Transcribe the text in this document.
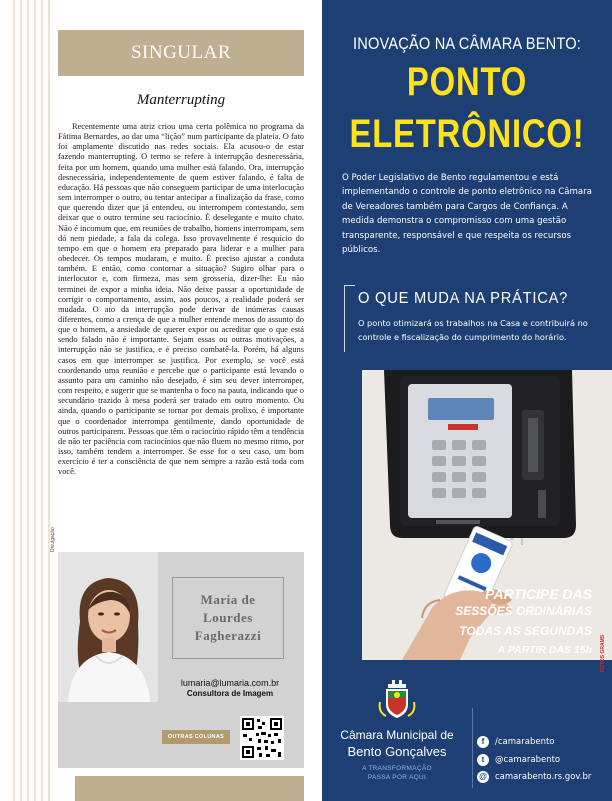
SINGULAR
Manterrupting

Recentemente uma atriz criou uma certa polêmica no programa da Fátima Bernardes, ao dar uma “lição” num participante da plateia. O fato foi amplamente discutido nas redes sociais. Ela acusou-o de estar fazendo manterrupting. O termo se refere à interrupção desnecessária, feita por um homem, quando uma mulher está falando. Ora, interrupção desnecessária, independentemente de quem estiver falando, é falta de educação. Há pessoas que não conseguem participar de uma interlocução sem interromper o outro, ou tentar antecipar a finalização da frase, como que querendo dizer que já entendeu, ou interrompem contestando, sem deixar que o outro termine seu raciocínio. É deselegante e muito chato. Não é incomum que, em reuniões de trabalho, homens interrompam, sem dó nem piedade, a fala da colega. Isso provavelmente é resquício do tempo em que o homem era preparado para liderar e a mulher para obedecer. Os tempos mudaram, e muito. É preciso ajustar a conduta também. E então, como contornar a situação? Sugiro olhar para o interlocutor e, com firmeza, mas sem grosseria, dizer-lhe: Eu não terminei de expor a minha ideia. Não deixe passar a oportunidade de corrigir o comportamento, assim, aos poucos, a realidade poderá ser mudada. O ato da interrupção pode derivar de inúmeras causas diferentes, como a crença de que a mulher entende menos do assunto do que o homem, a ansiedade de querer expor ou acreditar que o que está sendo falado não é importante. Sejam essas ou outras motivações, a interrupção não se justifica, e é preciso combatê-la. Porém, há alguns casos em que interromper se justifica. Por exemplo, se você está coordenando uma reunião e percebe que o participante está levando o assunto para um caminho não desejado, é sim seu dever interromper, com respeito, e sugerir que se mantenha o foco na pauta, indicando que o secundário trazido à mesa poderá ser tratado em outro momento. Ou ainda, quando o participante se tornar por demais prolixo, é importante que o coordenador interrompa gentilmente, dando oportunidade de outros participarem. Pessoas que têm o raciocínio rápido têm a tendência de não ter paciência com raciocínios que não fluem no mesmo ritmo, por isso, também tendem a interromper. Se esse for o seu caso, um bom exercício é ter a consciência de que nem sempre a razão está toda com você.

Divulgação
Maria de Lourdes Fagherazzi
lumaria@lumaria.com.br
Consultora de Imagem
OUTRAS COLUNAS
INOVAÇÃO NA CÂMARA BENTO:
PONTO
ELETRÔNICO!

O Poder Legislativo de Bento regulamentou e está implementando o controle de ponto eletrônico na Câmara de Vereadores também para Cargos de Confiança. A medida demonstra o compromisso com uma gestão transparente, responsável e que respeita os recursos públicos.

O QUE MUDA NA PRÁTICA?

O ponto otimizará os trabalhos na Casa e contribuirá no controle e fiscalização do cumprimento do horário.

FOTOS GRAMS
PARTICIPE DAS
SESSÕES ORDINÁRIAS
TODAS AS SEGUNDAS
A PARTIR DAS 15h
Câmara Municipal de
Bento Gonçalves
A TRANSFORMAÇÃO PASSA POR AQUI
f	/camarabento
t	@camarabento
@ camarabento.rs.gov.br
